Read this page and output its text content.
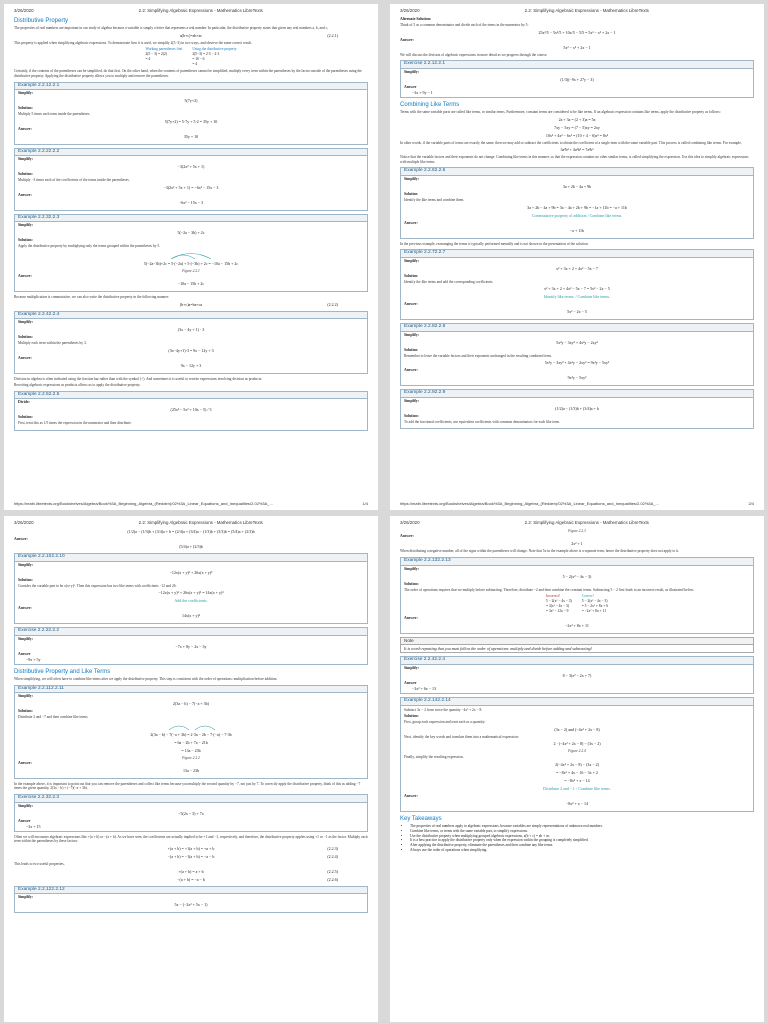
3/26/2020	2.2: Simplifying Algebraic Expressions - Mathematics LibreTexts
Distributive Property
The properties of real numbers are important in our study of algebra because a variable is simply a letter that represents a real number. In particular, the distributive property states that given any real numbers a, b, and c,
a(b+c)=ab+ac	(2.2.1)
This property is applied when simplifying algebraic expressions. To demonstrate how it is used, we simplify 2(5−3) in two ways, and observe the same correct result.
Working parentheses first
2(5 − 3) = 2(2)
= 4
Using the distributive property
2(5−3) = 2⋅5 − 2⋅3
= 10 − 6
= 4
Certainly, if the contents of the parentheses can be simplified, do that first. On the other hand, when the contents of parentheses cannot be simplified, multiply every term within the parentheses by the factor outside of the parentheses using the distributive property. Applying the distributive property allows you to multiply and remove the parentheses.
Example 2.2.12.2.1
Simplify:
5(7y+2)
Solution:
Multiply 5 times each term inside the parentheses.
5(7y+2) = 5⋅7y + 5⋅2 = 35y + 10
Answer:
35y + 10
Example 2.2.22.2.2
Simplify:
−3(2x² + 5x + 1)
Solution:
Multiply −3 times each of the coefficients of the terms inside the parentheses.
−3(2x² + 5x + 1) = −6x² − 15x − 3
Answer:
−6x² − 15x − 3
Example 2.2.32.2.3
Simplify:
5(−2a − 3b) + 2c
Solution:
Apply the distributive property by multiplying only the terms grouped within the parentheses by 5.
5(−2a−3b)+2c = 5⋅(−2a) + 5⋅(−3b) + 2c = −10a − 15b + 2c
Figure 2.2.1
Answer:
−10a − 15b + 2c
Because multiplication is commutative, we can also write the distributive property in the following manner:
(b+c)a=ba+ca	(2.2.2)
Example 2.2.42.2.4
Simplify:
(3x − 4y + 1) ⋅ 3
Solution:
Multiply each term within the parentheses by 3.
(3x−4y+1)⋅3 = 9x − 12y + 3
Answer:
9x − 12y + 3
Division in algebra is often indicated using the fraction bar rather than with the symbol (÷). And sometimes it is useful to rewrite expressions involving division as products:
Rewriting algebraic expressions as products allows us to apply the distributive property.
Example 2.2.52.2.5
Divide:
(25x³ − 5x² + 10x − 5) / 5
Solution:
First, treat this as 1/5 times the expression in the numerator and then distribute.
https://math.libretexts.org/Bookshelves/Algebra/Book%3A_Beginning_Algebra_(Redden)/02%3A_Linear_Equations_and_Inequalities/2.02%3A_...	1/4
3/26/2020	2.2: Simplifying Algebraic Expressions - Mathematics LibreTexts
Alternate Solution:
Think of 5 as a common denominator and divide each of the terms in the numerator by 5:
25x³/5 − 5x²/5 + 10x/5 − 5/5 = 5x³ − x² + 2x − 1
Answer:
5x³ − x² + 2x − 1
We will discuss the division of algebraic expressions in more detail as we progress through the course.
Exercise 2.2.12.2.1
Simplify:
(1/3)(−9x + 27y − 3)
Answer
−3x + 9y − 1
Combining Like Terms
Terms with the same variable parts are called like terms, or similar terms. Furthermore, constant terms are considered to be like terms. If an algebraic expression contains like terms, apply the distributive property as follows:
2a + 3a = (2 + 3)a = 5a
7xy − 5xy = (7 − 5)xy = 2xy
10x² + 4x² − 6x² = (10 + 4 − 6)x² = 8x²
In other words, if the variable parts of terms are exactly the same, then we may add or subtract the coefficients to obtain the coefficient of a single term with the same variable part. This process is called combining like terms. For example,
3a²b² + 4a²b² = 7a²b²
Notice that the variable factors and their exponents do not change. Combining like terms in this manner, so that the expression contains no other similar terms, is called simplifying the expression. Use this idea to simplify algebraic expressions with multiple like terms.
Example 2.2.62.2.6
Simplify:
3a + 2b − 4a + 9b
Solution
Identify the like terms and combine them.
3a + 2b − 4a + 9b = 3a − 4a + 2b + 9b = −1a + 11b = −a + 11b
Commutative property of addition / Combine like terms.
Answer:
−a + 11b
In the previous example, rearranging the terms is typically performed mentally and is not shown in the presentation of the solution.
Example 2.2.72.2.7
Simplify:
x² + 3x + 2 + 4x² − 5x − 7
Solution
Identify the like terms and add the corresponding coefficients.
x² + 3x + 2 + 4x² − 5x − 7 = 5x² − 2x − 5
Identify like terms. / Combine like terms.
Answer:
5x² − 2x − 5
Example 2.2.82.2.8
Simplify:
5x²y − 3xy² + 4x²y − 2xy²
Solution
Remember to leave the variable factors and their exponents unchanged in the resulting combined term.
5x²y − 3xy² + 4x²y − 2xy² = 9x²y − 5xy²
Answer:
9x²y − 5xy²
Example 2.2.92.2.9
Simplify:
(1/2)a − (1/3)b + (3/4)a + b
Solution:
To add the fractional coefficients, use equivalent coefficients with common denominators for each like term.
https://math.libretexts.org/Bookshelves/Algebra/Book%3A_Beginning_Algebra_(Redden)/02%3A_Linear_Equations_and_Inequalities/2.02%3A_...	2/4
3/26/2020	2.2: Simplifying Algebraic Expressions - Mathematics LibreTexts
(1/2)a − (1/3)b + (3/4)a + b = (2/4)a + (3/4)a − (1/3)b + (3/3)b = (5/4)a + (2/3)b
Answer:
(5/4)a + (2/3)b
Example 2.2.102.2.10
Simplify:
−12x(x + y)³ + 26x(x + y)³
Solution:
Consider the variable part to be x(x+y)³. Then this expression has two like terms with coefficients −12 and 26.
−12x(x + y)³ + 26x(x + y)³ = 14x(x + y)³
Add the coefficients.
Answer:
14x(x + y)³
Exercise 2.2.22.2.2
Simplify:
−7x + 8y − 2x − 3y
Answer
−9x + 5y
Distributive Property and Like Terms
When simplifying, we will often have to combine like terms after we apply the distributive property. This step is consistent with the order of operations: multiplication before addition.
Example 2.2.112.2.11
Simplify:
2(3a − b) − 7(−a + 3b)
Solution:
Distribute 2 and −7 and then combine like terms.
2(3a − b) − 7(−a + 3b) = 2⋅3a − 2b − 7⋅(−a) − 7⋅3b
= 6a − 2b + 7a − 21b
= 13a − 23b
Figure 2.2.2
Answer:
13a − 23b
In the example above, it is important to point out that you can remove the parentheses and collect like terms because you multiply the second quantity by −7, not just by 7. To correctly apply the distributive property, think of this as adding −7 times the given quantity, 2(3a − b) + (−7)(−a + 3b).
Exercise 2.2.32.2.3
Simplify:
−5(2x − 3) + 7x
Answer
−3x + 15
Often we will encounter algebraic expressions like +(a + b) or −(a + b). As we have seen, the coefficients are actually implied to be +1 and −1, respectively, and therefore, the distributive property applies using +1 or −1 as the factor. Multiply each term within the parentheses by these factors:
+(a + b) = +1(a + b) = +a + b	(2.2.3)
−(a + b) = −1(a + b) = −a − b	(2.2.4)
This leads to two useful properties,
+(a + b) = a + b	(2.2.5)
−(a + b) = −a − b	(2.2.6)
Example 2.2.122.2.12
Simplify:
5x − (−2x² + 5x − 1)
3/26/2020	2.2: Simplifying Algebraic Expressions - Mathematics LibreTexts
Figure 2.2.3
Answer:
2x² + 1
When distributing a negative number, all of the signs within the parentheses will change. Note that 5x in the example above is a separate term; hence the distributive property does not apply to it.
Example 2.2.132.2.13
Simplify:
5 − 2(x² − 4x − 3)
Solution:
The order of operations requires that we multiply before subtracting. Therefore, distribute −2 and then combine the constant terms. Subtracting 5 − 2 first leads to an incorrect result, as illustrated below:
Incorrect!
5 − 2(x² − 4x − 3)
= 3(x² − 4x − 3)
= 3x² − 12x − 9
Correct!
5 − 2(x² − 4x − 3)
= 5 − 2x² + 8x + 6
= −2x² + 8x + 11
Answer:
−2x² + 8x + 11
Note
It is worth repeating that you must follow the order of operations: multiply and divide before adding and subtracting!
Exercise 2.2.42.2.4
Simplify:
8 − 3(x² − 2x + 7)
Answer
−3x² + 6x − 13
Example 2.2.142.2.14
Subtract 3x − 2 from twice the quantity −4x² + 2x − 8.
Solution:
First, group each expression and treat each as a quantity:
(3x − 2) and (−4x² + 2x − 8)
Next, identify the key words and translate them into a mathematical expression:
2 ⋅ (−4x² + 2x − 8) − (3x − 2)
Figure 2.2.4
Finally, simplify the resulting expression.
2(−4x² + 2x − 8) − (3x − 2)
= −8x² + 4x − 16 − 3x + 2
= −8x² + x − 14
Distribute 2 and −1. / Combine like terms.
Answer:
−8x² + x − 14
Key Takeaways
• The properties of real numbers apply to algebraic expressions, because variables are simply representations of unknown real numbers.
• Combine like terms, or terms with the same variable part, to simplify expressions.
• Use the distributive property when multiplying grouped algebraic expressions, a(b + c) = ab + ac.
• It is a best practice to apply the distributive property only when the expression within the grouping is completely simplified.
• After applying the distributive property, eliminate the parentheses and then combine any like terms.
• Always use the order of operations when simplifying.
